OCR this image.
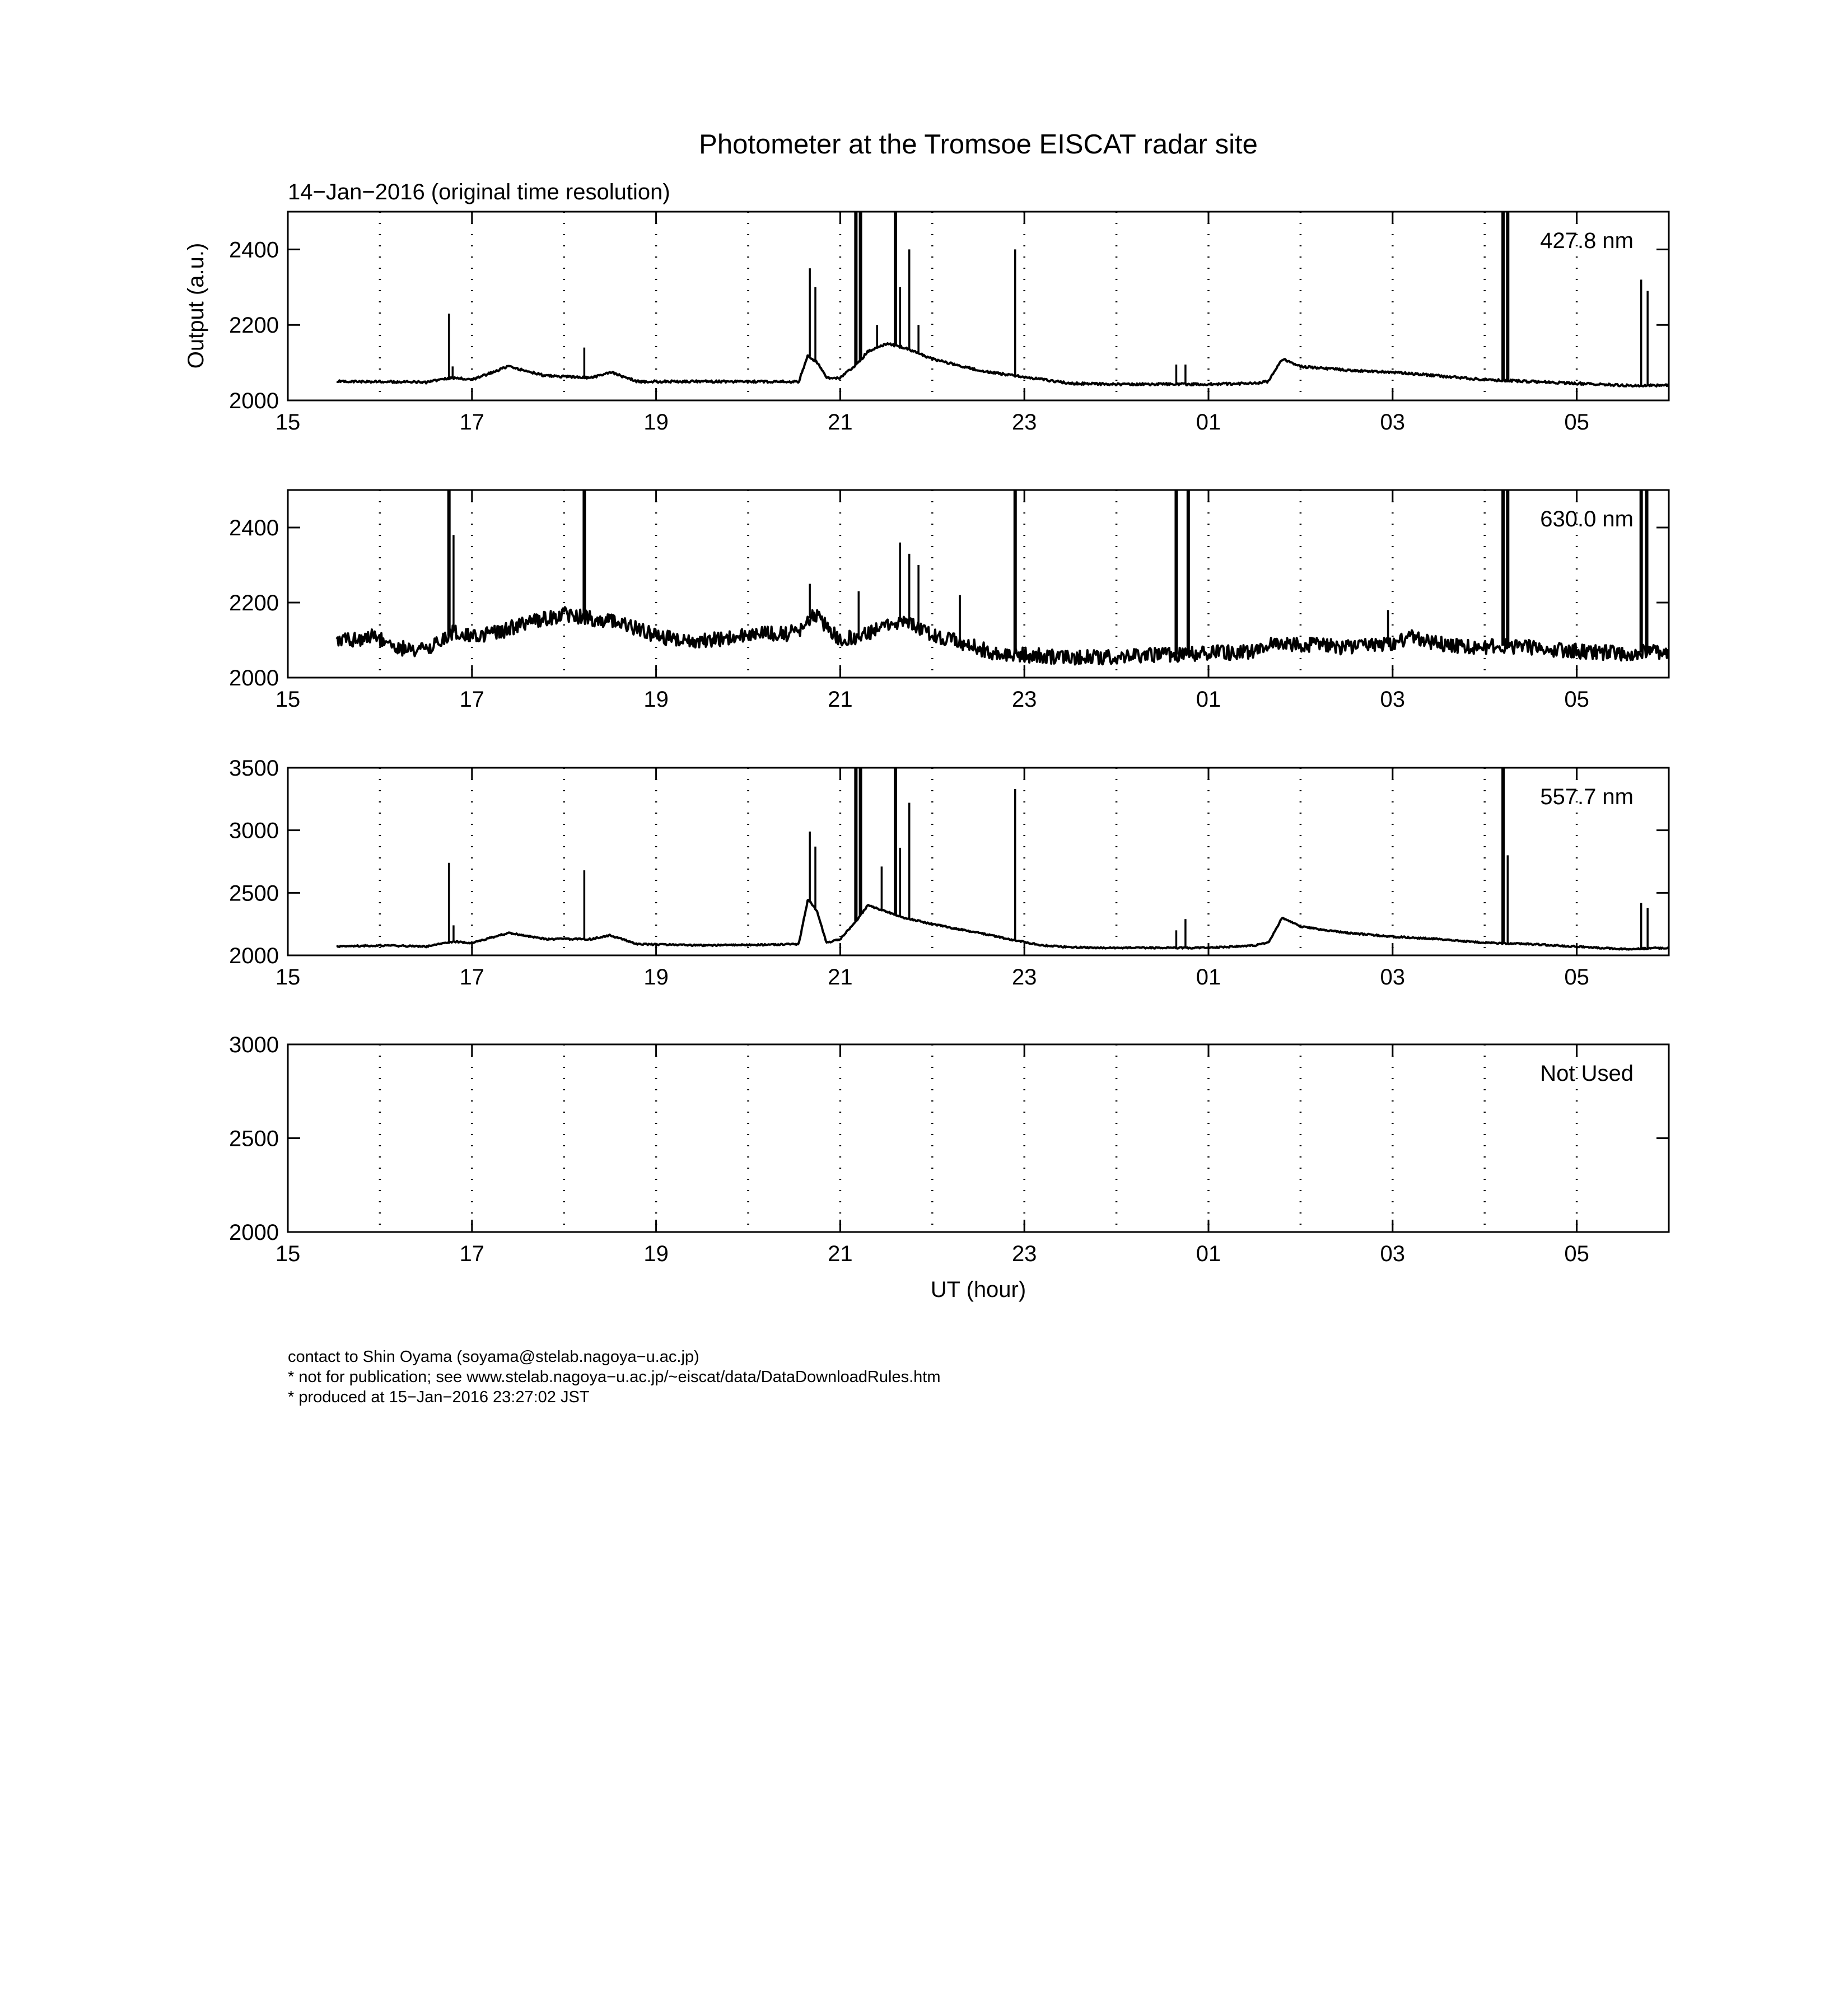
Photometer at the Tromsoe EISCAT radar site
14−Jan−2016 (original time resolution)
Output (a.u.)
UT (hour)
2000
2200
2400
15	17	19	21	23	01	03	05
427.8 nm
2000
2200
2400
15	17	19	21	23	01	03	05
630.0 nm
2000
2500
3000
3500
15	17	19	21	23	01	03	05
557.7 nm
2000
2500
3000
15	17	19	21	23	01	03	05
Not Used
contact to Shin Oyama (soyama@stelab.nagoya−u.ac.jp)
* not for publication; see www.stelab.nagoya−u.ac.jp/~eiscat/data/DataDownloadRules.htm
* produced at 15−Jan−2016 23:27:02 JST
